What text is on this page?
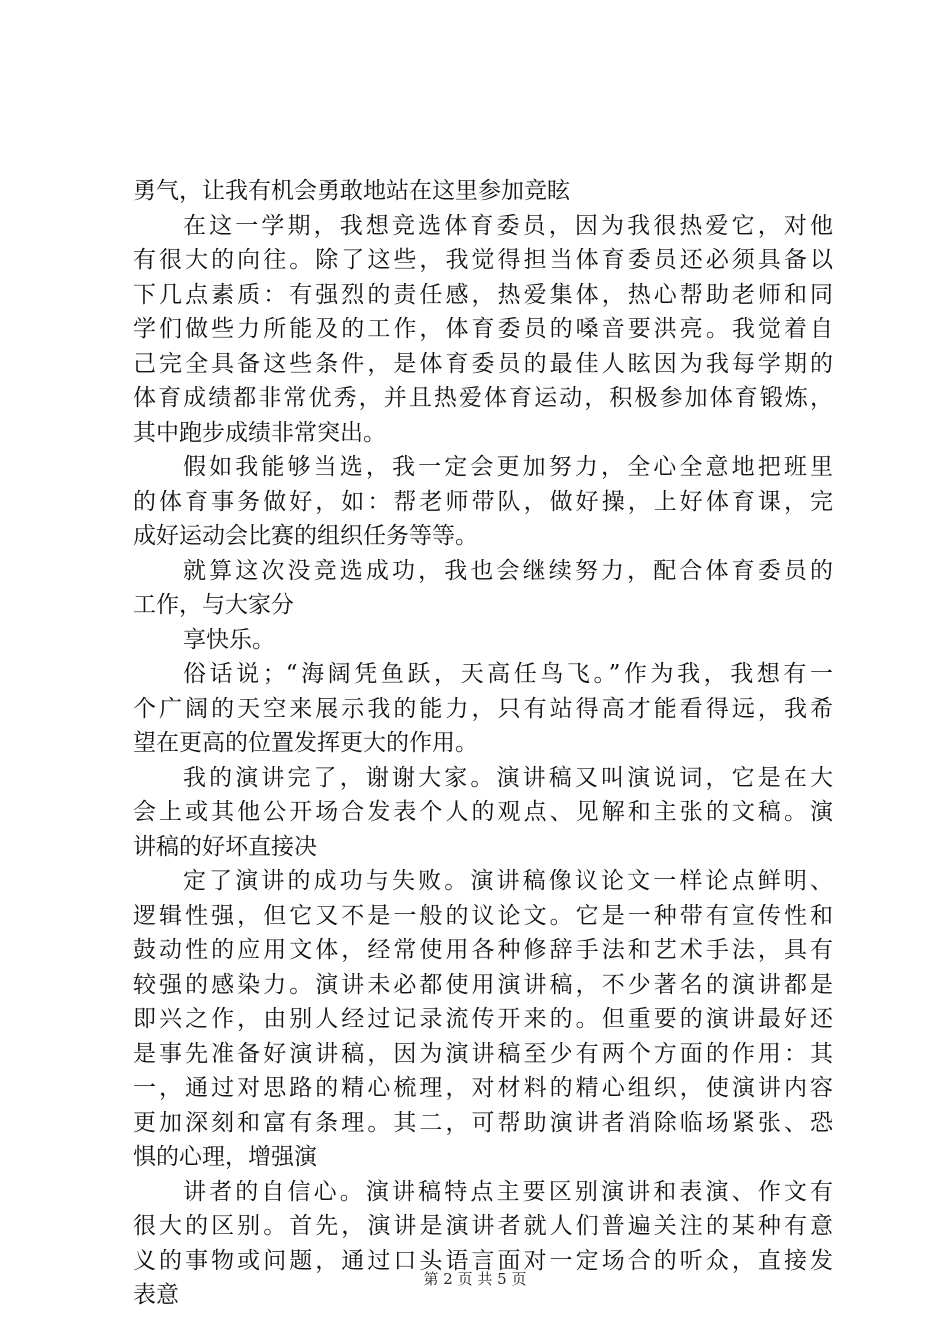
勇气，让我有机会勇敢地站在这里参加竞眩
在这一学期，我想竞选体育委员，因为我很热爱它，对他
有很大的向往。除了这些，我觉得担当体育委员还必须具备以
下几点素质：有强烈的责任感，热爱集体，热心帮助老师和同
学们做些力所能及的工作，体育委员的嗓音要洪亮。我觉着自
己完全具备这些条件，是体育委员的最佳人眩因为我每学期的
体育成绩都非常优秀，并且热爱体育运动，积极参加体育锻炼，
其中跑步成绩非常突出。
假如我能够当选，我一定会更加努力，全心全意地把班里
的体育事务做好，如：帮老师带队，做好操，上好体育课，完
成好运动会比赛的组织任务等等。
就算这次没竞选成功，我也会继续努力，配合体育委员的
工作，与大家分
享快乐。
俗话说；“海阔凭鱼跃，天高任鸟飞。”作为我，我想有一
个广阔的天空来展示我的能力，只有站得高才能看得远，我希
望在更高的位置发挥更大的作用。
我的演讲完了，谢谢大家。演讲稿又叫演说词，它是在大
会上或其他公开场合发表个人的观点、见解和主张的文稿。演
讲稿的好坏直接决
定了演讲的成功与失败。演讲稿像议论文一样论点鲜明、
逻辑性强，但它又不是一般的议论文。它是一种带有宣传性和
鼓动性的应用文体，经常使用各种修辞手法和艺术手法，具有
较强的感染力。演讲未必都使用演讲稿，不少著名的演讲都是
即兴之作，由别人经过记录流传开来的。但重要的演讲最好还
是事先准备好演讲稿，因为演讲稿至少有两个方面的作用：其
一，通过对思路的精心梳理，对材料的精心组织，使演讲内容
更加深刻和富有条理。其二，可帮助演讲者消除临场紧张、恐
惧的心理，增强演
讲者的自信心。演讲稿特点主要区别演讲和表演、作文有
很大的区别。首先，演讲是演讲者就人们普遍关注的某种有意
义的事物或问题，通过口头语言面对一定场合的听众，直接发
表意
第 2 页 共 5 页
